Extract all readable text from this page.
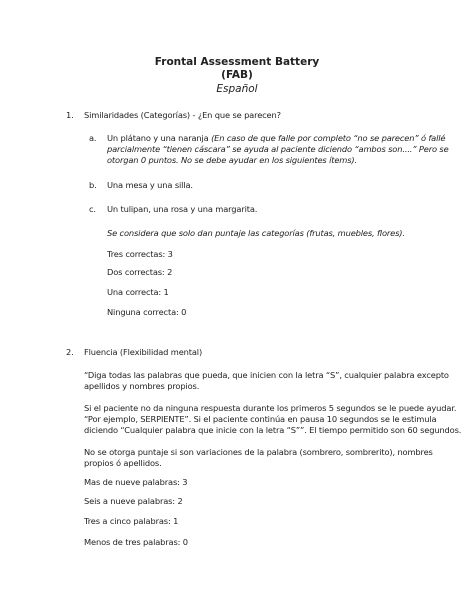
Frontal Assessment Battery
(FAB)
Español
1. Similaridades (Categorías) - ¿En que se parecen?
a. Un plátano y una naranja (En caso de que falle por completo “no se parecen” ó fallé
parcialmente “tienen cáscara” se ayuda al paciente diciendo “ambos son....” Pero se
otorgan 0 puntos. No se debe ayudar en los siguientes ítems).
b. Una mesa y una silla.
c. Un tulipan, una rosa y una margarita.
Se considera que solo dan puntaje las categorías (frutas, muebles, flores).
Tres correctas: 3
Dos correctas: 2
Una correcta: 1
Ninguna correcta: 0
2. Fluencia (Flexibilidad mental)
“Diga todas las palabras que pueda, que inicien con la letra “S”, cualquier palabra excepto
apellidos y nombres propios.
Si el paciente no da ninguna respuesta durante los primeros 5 segundos se le puede ayudar.
“Por ejemplo, SERPIENTE”. Si el paciente continúa en pausa 10 segundos se le estimula
diciendo “Cualquier palabra que inicie con la letra “S””. El tiempo permitido son 60 segundos.
No se otorga puntaje si son variaciones de la palabra (sombrero, sombrerito), nombres
propios ó apellidos.
Mas de nueve palabras: 3
Seis a nueve palabras: 2
Tres a cinco palabras: 1
Menos de tres palabras: 0
